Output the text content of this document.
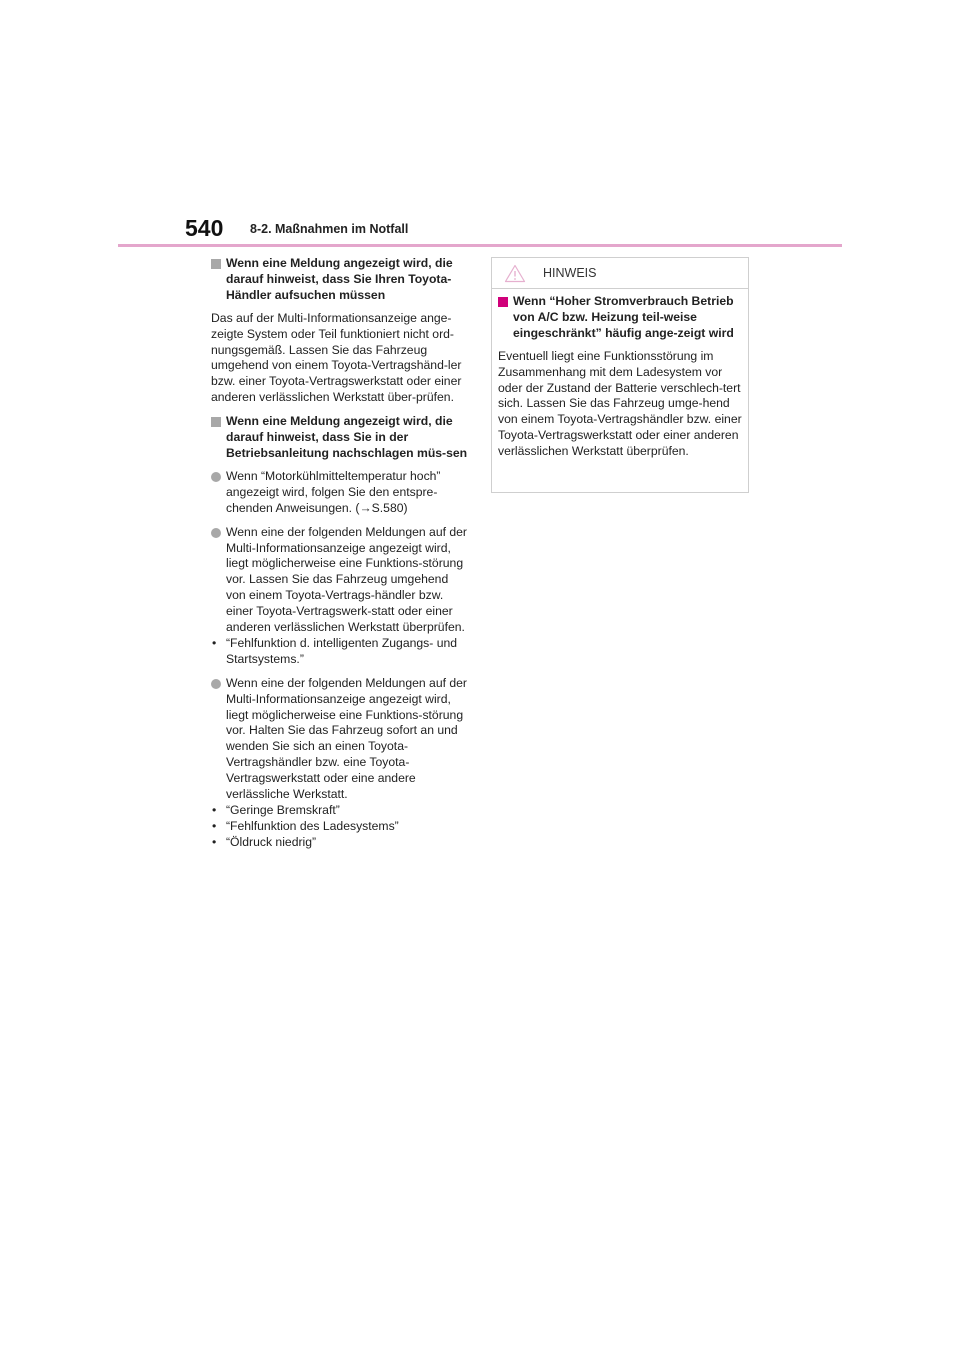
540 8-2. Maßnahmen im Notfall
Wenn eine Meldung angezeigt wird, die darauf hinweist, dass Sie Ihren Toyota-Händler aufsuchen müssen

Das auf der Multi-Informationsanzeige ange-zeigte System oder Teil funktioniert nicht ord-nungsgemäß. Lassen Sie das Fahrzeug umgehend von einem Toyota-Vertragshänd-ler bzw. einer Toyota-Vertragswerkstatt oder einer anderen verlässlichen Werkstatt über-prüfen.

Wenn eine Meldung angezeigt wird, die darauf hinweist, dass Sie in der Betriebsanleitung nachschlagen müs-sen
Wenn “Motorkühlmitteltemperatur hoch” angezeigt wird, folgen Sie den entspre-chenden Anweisungen. (→S.580)
Wenn eine der folgenden Meldungen auf der Multi-Informationsanzeige angezeigt wird, liegt möglicherweise eine Funktions-störung vor. Lassen Sie das Fahrzeug umgehend von einem Toyota-Vertrags-händler bzw. einer Toyota-Vertragswerk-statt oder einer anderen verlässlichen Werkstatt überprüfen.
• “Fehlfunktion d. intelligenten Zugangs- und Startsystems.”
Wenn eine der folgenden Meldungen auf der Multi-Informationsanzeige angezeigt wird, liegt möglicherweise eine Funktions-störung vor. Halten Sie das Fahrzeug sofort an und wenden Sie sich an einen Toyota-Vertragshändler bzw. eine Toyota-Vertragswerkstatt oder eine andere verlässliche Werkstatt.
• “Geringe Bremskraft”
• “Fehlfunktion des Ladesystems”
• “Öldruck niedrig”
HINWEIS
Wenn “Hoher Stromverbrauch Betrieb von A/C bzw. Heizung teil-weise eingeschränkt” häufig ange-zeigt wird

Eventuell liegt eine Funktionsstörung im Zusammenhang mit dem Ladesystem vor oder der Zustand der Batterie verschlech-tert sich. Lassen Sie das Fahrzeug umge-hend von einem Toyota-Vertragshändler bzw. einer Toyota-Vertragswerkstatt oder einer anderen verlässlichen Werkstatt überprüfen.
